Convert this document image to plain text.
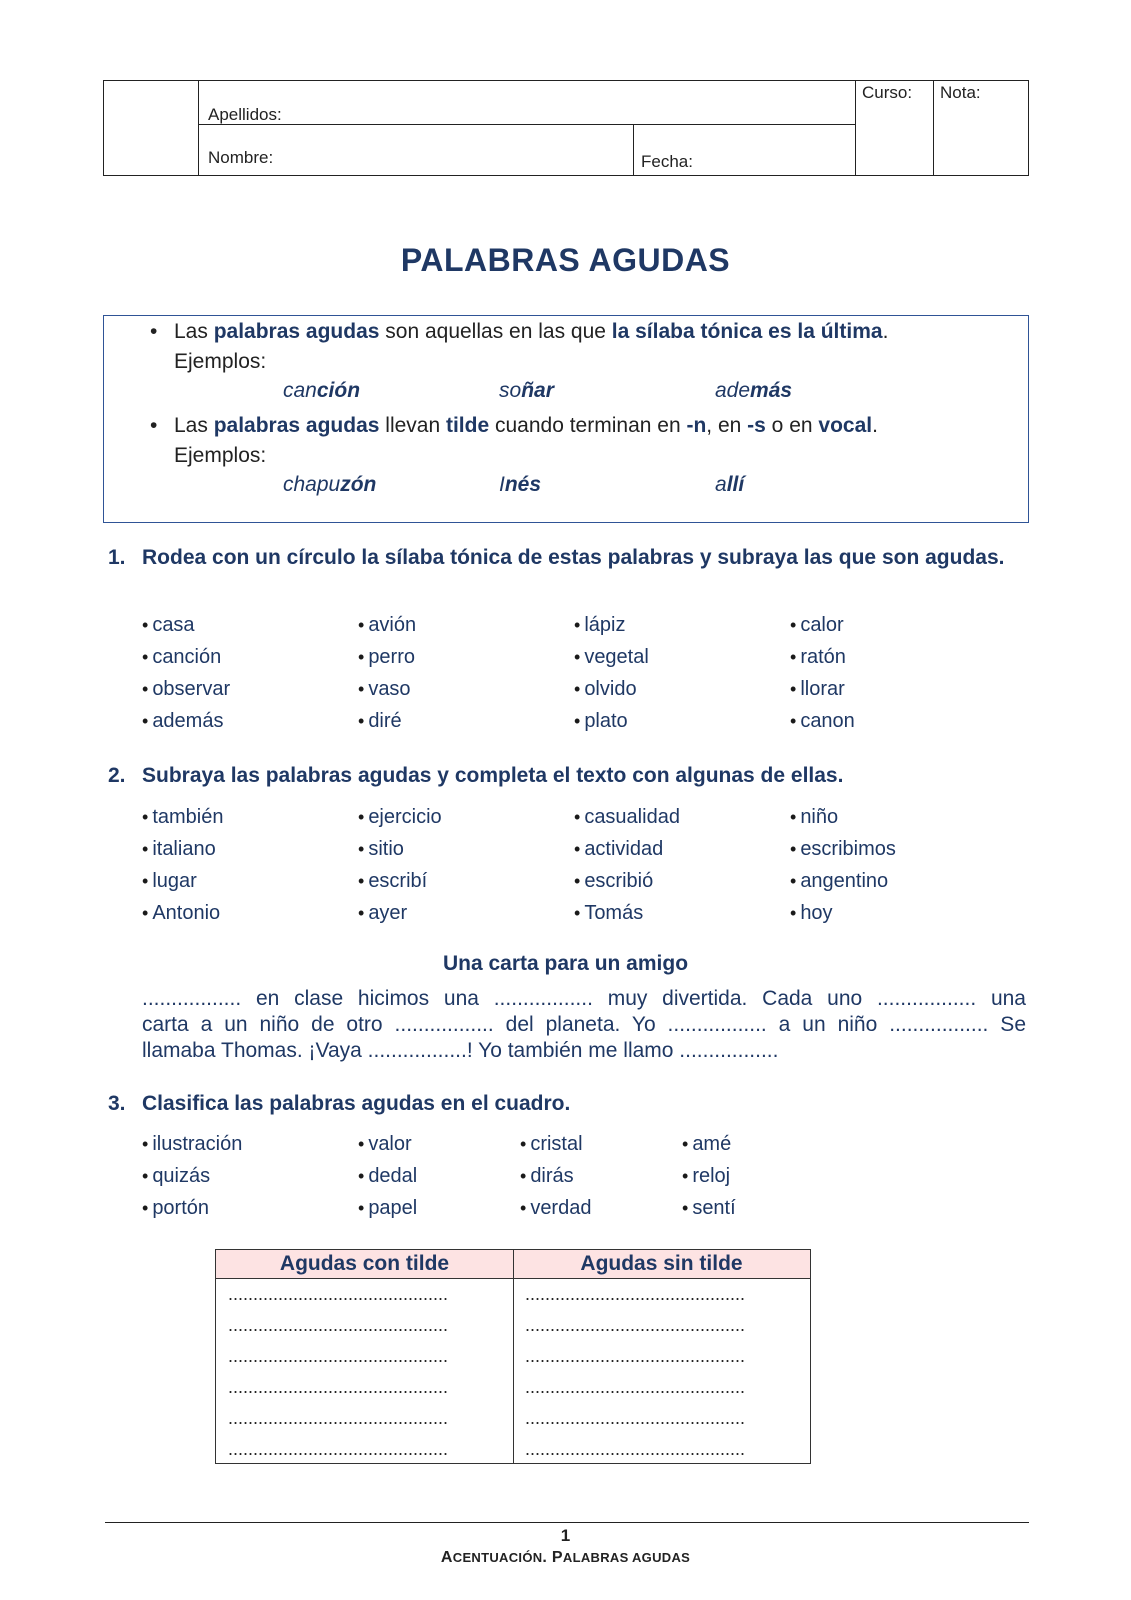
Apellidos:
Nombre:	Fecha:
Curso: Nota:
PALABRAS AGUDAS
• Las palabras agudas son aquellas en las que la sílaba tónica es la última.
Ejemplos:
canción	soñar	además
• Las palabras agudas llevan tilde cuando terminan en -n, en -s o en vocal.
Ejemplos:
chapuzón	Inés	allí
1. Rodea con un círculo la sílaba tónica de estas palabras y subraya las que son agudas.
• casa
• canción
• observar
• además
• avión
• perro
• vaso
• diré
• lápiz
• vegetal
• olvido
• plato
• calor
• ratón
• llorar
• canon
2. Subraya las palabras agudas y completa el texto con algunas de ellas.
• también
• italiano
• lugar
• Antonio
• ejercicio
• sitio
• escribí
• ayer
• casualidad
• actividad
• escribió
• Tomás
• niño
• escribimos
• angentino
• hoy
Una carta para un amigo
................. en clase hicimos una ................. muy divertida. Cada uno ................. una
carta a un niño de otro ................. del planeta. Yo ................. a un niño ................. Se
llamaba Thomas. ¡Vaya .................! Yo también me llamo .................
3. Clasifica las palabras agudas en el cuadro.
• ilustración
• quizás
• portón
• valor
• dedal
• papel
• cristal
• dirás
• verdad
• amé
• reloj
• sentí
Agudas con tilde	Agudas sin tilde
............................................	............................................
............................................	............................................
............................................	............................................
............................................	............................................
............................................	............................................
............................................	............................................
1
ACENTUACIÓN. PALABRAS AGUDAS
